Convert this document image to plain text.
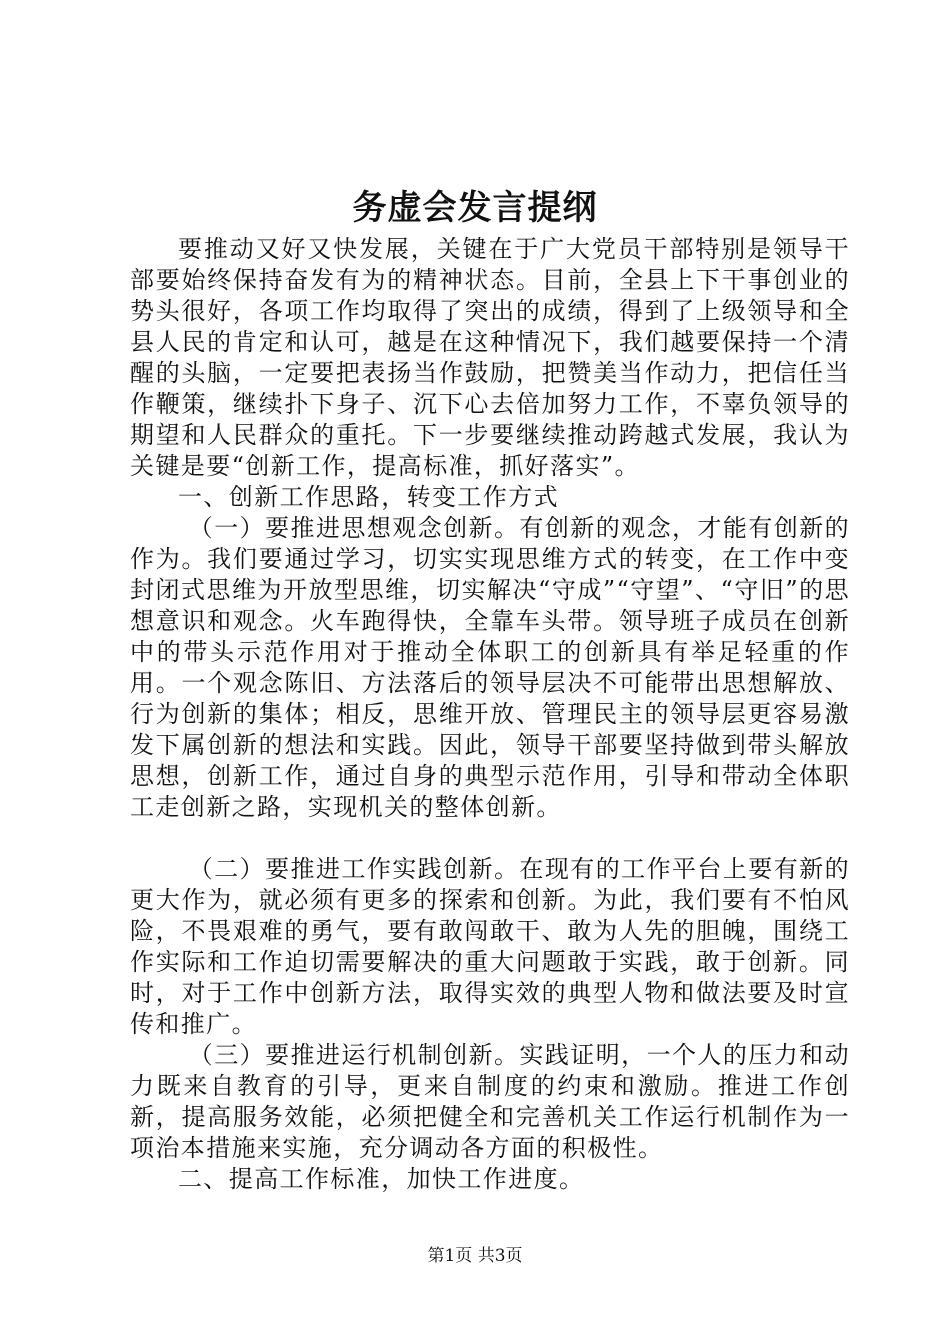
务虚会发言提纲

要推动又好又快发展，关键在于广大党员干部特别是领导干部要始终保持奋发有为的精神状态。目前，全县上下干事创业的势头很好，各项工作均取得了突出的成绩，得到了上级领导和全县人民的肯定和认可，越是在这种情况下，我们越要保持一个清醒的头脑，一定要把表扬当作鼓励，把赞美当作动力，把信任当作鞭策，继续扑下身子、沉下心去倍加努力工作，不辜负领导的期望和人民群众的重托。下一步要继续推动跨越式发展，我认为关键是要“创新工作，提高标准，抓好落实”。

一、创新工作思路，转变工作方式

（一）要推进思想观念创新。有创新的观念，才能有创新的作为。我们要通过学习，切实实现思维方式的转变，在工作中变封闭式思维为开放型思维，切实解决“守成”“守望”、“守旧”的思想意识和观念。火车跑得快，全靠车头带。领导班子成员在创新中的带头示范作用对于推动全体职工的创新具有举足轻重的作用。一个观念陈旧、方法落后的领导层决不可能带出思想解放、行为创新的集体；相反，思维开放、管理民主的领导层更容易激发下属创新的想法和实践。因此，领导干部要坚持做到带头解放思想，创新工作，通过自身的典型示范作用，引导和带动全体职工走创新之路，实现机关的整体创新。

（二）要推进工作实践创新。在现有的工作平台上要有新的更大作为，就必须有更多的探索和创新。为此，我们要有不怕风险，不畏艰难的勇气，要有敢闯敢干、敢为人先的胆魄，围绕工作实际和工作迫切需要解决的重大问题敢于实践，敢于创新。同时，对于工作中创新方法，取得实效的典型人物和做法要及时宣传和推广。

（三）要推进运行机制创新。实践证明，一个人的压力和动力既来自教育的引导，更来自制度的约束和激励。推进工作创新，提高服务效能，必须把健全和完善机关工作运行机制作为一项治本措施来实施，充分调动各方面的积极性。

二、提高工作标准，加快工作进度。

第1页 共3页
